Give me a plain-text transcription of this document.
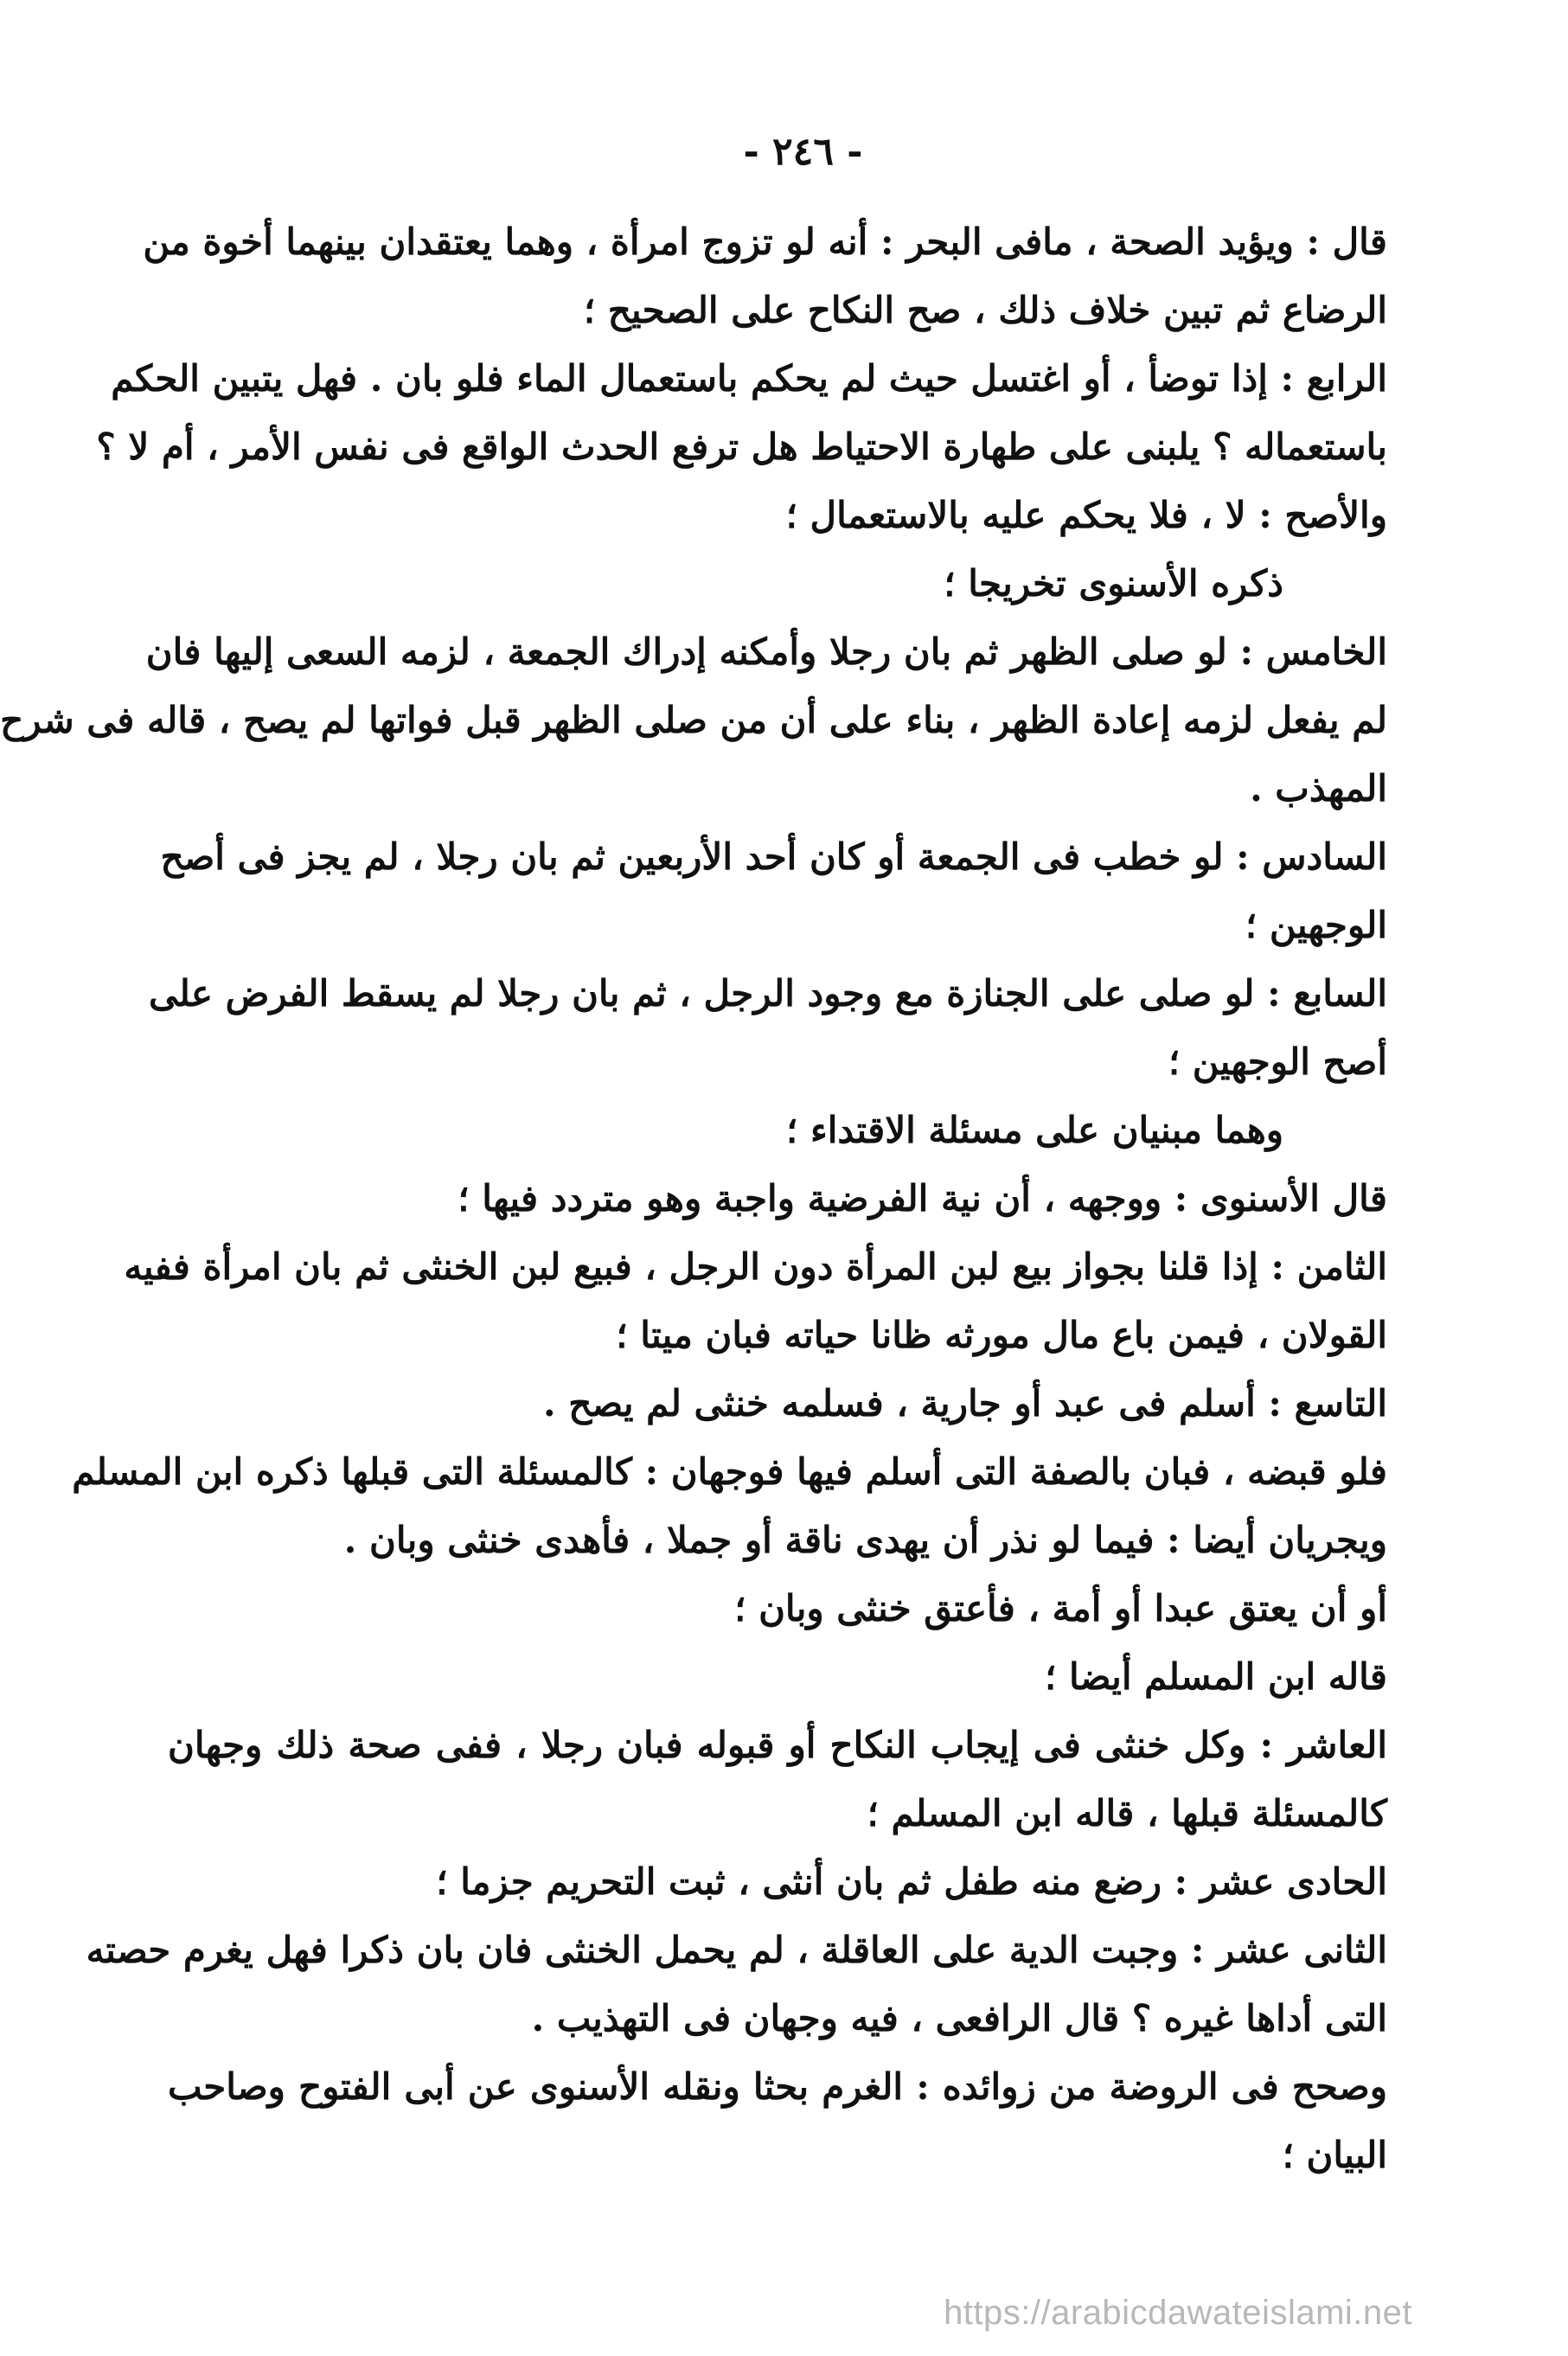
- ٢٤٦ -
قال : ويؤيد الصحة ، مافى البحر : أنه لو تزوج امرأة ، وهما يعتقدان بينهما أخوة من
الرضاع ثم تبين خلاف ذلك ، صح النكاح على الصحيح ؛
الرابع : إذا توضأ ، أو اغتسل حيث لم يحكم باستعمال الماء فلو بان . فهل يتبين الحكم
باستعماله ؟ يلبنى على طهارة الاحتياط هل ترفع الحدث الواقع فى نفس الأمر ، أم لا ؟
والأصح : لا ، فلا يحكم عليه بالاستعمال ؛
ذكره الأسنوى تخريجا ؛
الخامس : لو صلى الظهر ثم بان رجلا وأمكنه إدراك الجمعة ، لزمه السعى إليها فان
لم يفعل لزمه إعادة الظهر ، بناء على أن من صلى الظهر قبل فواتها لم يصح ، قاله فى شرح
المهذب .
السادس : لو خطب فى الجمعة أو كان أحد الأربعين ثم بان رجلا ، لم يجز فى أصح
الوجهين ؛
السابع : لو صلى على الجنازة مع وجود الرجل ، ثم بان رجلا لم يسقط الفرض على
أصح الوجهين ؛
وهما مبنيان على مسئلة الاقتداء ؛
قال الأسنوى : ووجهه ، أن نية الفرضية واجبة وهو متردد فيها ؛
الثامن : إذا قلنا بجواز بيع لبن المرأة دون الرجل ، فبيع لبن الخنثى ثم بان امرأة ففيه
القولان ، فيمن باع مال مورثه ظانا حياته فبان ميتا ؛
التاسع : أسلم فى عبد أو جارية ، فسلمه خنثى لم يصح .
فلو قبضه ، فبان بالصفة التى أسلم فيها فوجهان : كالمسئلة التى قبلها ذكره ابن المسلم
ويجريان أيضا : فيما لو نذر أن يهدى ناقة أو جملا ، فأهدى خنثى وبان .
أو أن يعتق عبدا أو أمة ، فأعتق خنثى وبان ؛
قاله ابن المسلم أيضا ؛
العاشر : وكل خنثى فى إيجاب النكاح أو قبوله فبان رجلا ، ففى صحة ذلك وجهان
كالمسئلة قبلها ، قاله ابن المسلم ؛
الحادى عشر : رضع منه طفل ثم بان أنثى ، ثبت التحريم جزما ؛
الثانى عشر : وجبت الدية على العاقلة ، لم يحمل الخنثى فان بان ذكرا فهل يغرم حصته
التى أداها غيره ؟ قال الرافعى ، فيه وجهان فى التهذيب .
وصحح فى الروضة من زوائده : الغرم بحثا ونقله الأسنوى عن أبى الفتوح وصاحب
البيان ؛
https://arabicdawateislami.net
